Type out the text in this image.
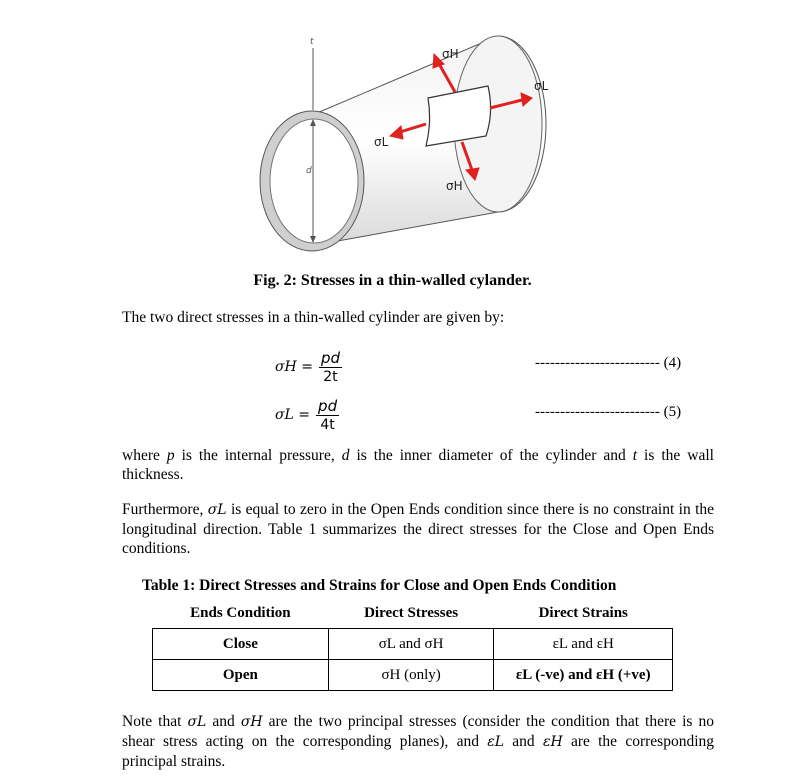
t
d
σH
σL
σL
σH
Fig. 2: Stresses in a thin-walled cylander.
The two direct stresses in a thin-walled cylinder are given by:
$\sigma H = \frac{pd}{2t}$	------------------------- (4)
$\sigma L = \frac{pd}{4t}$	------------------------- (5)
where p is the internal pressure, d is the inner diameter of the cylinder and t is the wall thickness.
Furthermore, σL is equal to zero in the Open Ends condition since there is no constraint in the longitudinal direction. Table 1 summarizes the direct stresses for the Close and Open Ends conditions.
Table 1: Direct Stresses and Strains for Close and Open Ends Condition
Ends Condition	Direct Stresses	Direct Strains
Close	σL and σH	εL and εH
Open	σH (only)	εL (-ve) and εH (+ve)
Note that σL and σH are the two principal stresses (consider the condition that there is no shear stress acting on the corresponding planes), and εL and εH are the corresponding principal strains.
